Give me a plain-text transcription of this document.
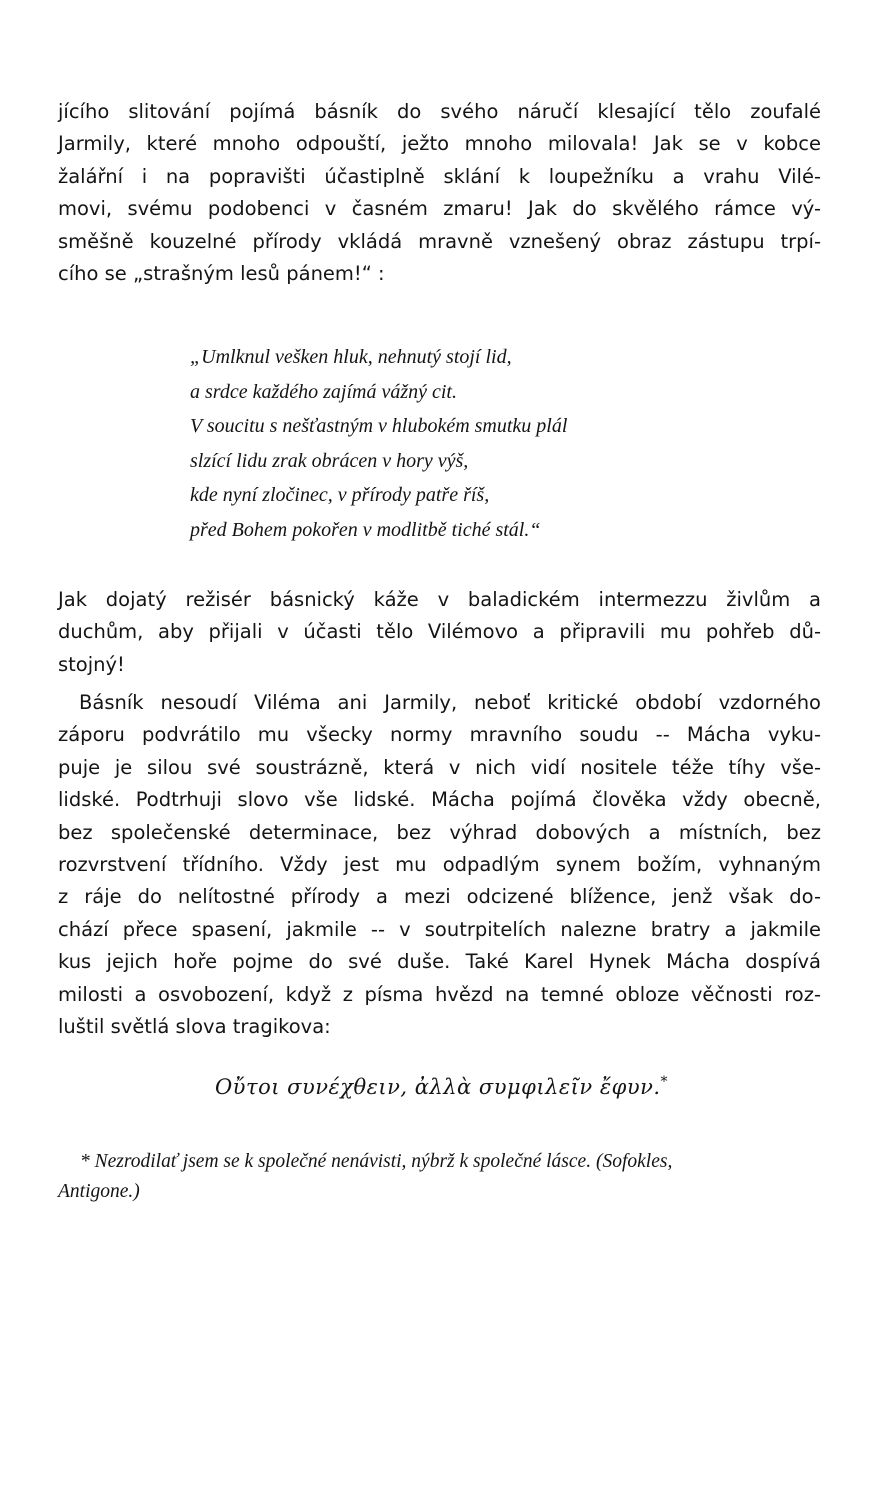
jícího slitování pojímá básník do svého náručí klesající tělo zoufalé
Jarmily, které mnoho odpouští, ježto mnoho milovala! Jak se v kobce
žalářní i na popravišti účastiplně sklání k loupežníku a vrahu Vilé-
movi, svému podobenci v časném zmaru! Jak do skvělého rámce vý-
směšně kouzelné přírody vkládá mravně vznešený obraz zástupu trpí-
cího se „strašným lesů pánem!“ :
„Umlknul vešken hluk, nehnutý stojí lid,
a srdce každého zajímá vážný cit.
V soucitu s nešťastným v hlubokém smutku plál
slzící lidu zrak obrácen v hory výš,
kde nyní zločinec, v přírody patře říš,
před Bohem pokořen v modlitbě tiché stál.“
Jak dojatý režisér básnický káže v baladickém intermezzu živlům a
duchům, aby přijali v účasti tělo Vilémovo a připravili mu pohřeb dů-
stojný!
Básník nesoudí Viléma ani Jarmily, neboť kritické období vzdorného
záporu podvrátilo mu všecky normy mravního soudu -- Mácha vyku-
puje je silou své soustrázně, která v nich vidí nositele téže tíhy vše-
lidské. Podtrhuji slovo vše lidské. Mácha pojímá člověka vždy obecně,
bez společenské determinace, bez výhrad dobových a místních, bez
rozvrstvení třídního. Vždy jest mu odpadlým synem božím, vyhnaným
z ráje do nelítostné přírody a mezi odcizené blížence, jenž však do-
chází přece spasení, jakmile -- v soutrpitelích nalezne bratry a jakmile
kus jejich hoře pojme do své duše. Také Karel Hynek Mácha dospívá
milosti a osvobození, když z písma hvězd na temné obloze věčnosti roz-
luštil světlá slova tragikova:
Οὔτοι συνέχθειν, ἀλλὰ συμφιλεῖν ἔφυν.*
* Nezrodilať jsem se k společné nenávisti, nýbrž k společné lásce. (Sofokles,
Antigone.)
